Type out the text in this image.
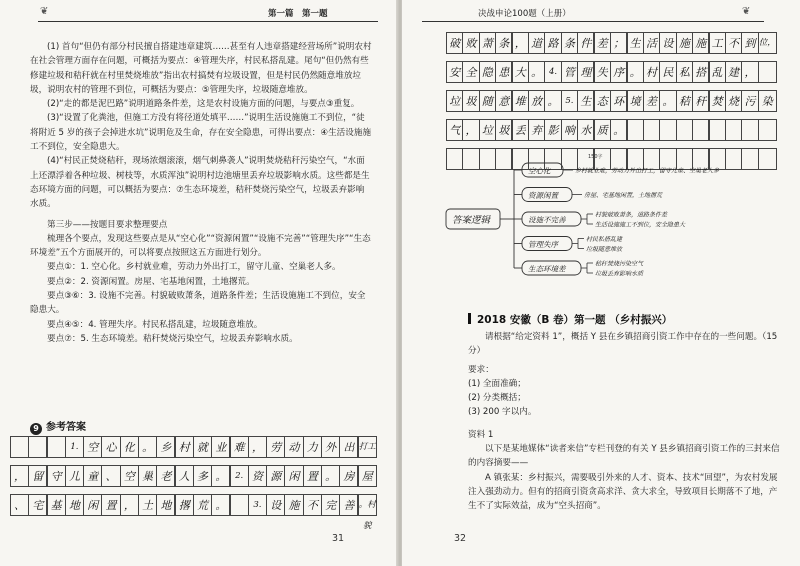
❦	第一篇　第一题

(1) 首句“但仍有部分村民擅自搭建违章建筑……甚至有人违章搭建经营场所”说明农村在社会管理方面存在问题，可概括为要点：④管理失序，村民私搭乱建。尾句“但仍然有些修建垃圾和秸秆就在村里焚烧堆放”指出农村搞焚有垃圾设置，但是村民仍然随意堆放垃圾，说明农村的管理不到位，可概括为要点：⑤管理失序，垃圾随意堆放。

(2)“走的都是泥巴路”说明道路条件差，这是农村设施方面的问题，与要点③重复。

(3)“设置了化粪池，但施工方没有将径道处填平……”说明生活设施施工不到位，“徒将附近 5 岁的孩子会掉进水坑”说明危及生命，存在安全隐患，可得出要点：④生活设施施工不到位，安全隐患大。

(4)“村民正焚烧秸秆，现场浓烟滚滚，烟气刺鼻袭人”说明焚烧秸秆污染空气，“水面上还漂浮着各种垃圾、树枝等，水质浑浊”说明村边池塘里丢弃垃圾影响水质。这些都是生态环境方面的问题，可以概括为要点：⑦生态环境差，秸秆焚烧污染空气，垃圾丢弃影响水质。

第三步——按题目要求整理要点

梳理各个要点，发现这些要点是从“空心化”“资源闲置”“设施不完善”“管理失序”“生态环境差”五个方面展开的，可以将要点按照这五方面进行划分。

要点①：1. 空心化。乡村就业难，劳动力外出打工，留守儿童、空巢老人多。

要点②：2. 资源闲置。房屋、宅基地闲置，土地撂荒。

要点③⑥：3. 设施不完善。村貌破败萧条，道路条件差；生活设施施工不到位，安全隐患大。

要点④⑤：4. 管理失序。村民私搭乱建，垃圾随意堆放。

要点⑦：5. 生态环境差。秸秆焚烧污染空气，垃圾丢弃影响水质。

9 参考答案
1. 空 心 化 。 乡 村 就 业 难 ， 劳 动 力 外 出 打工
， 留 守 儿 童 、 空 巢 老 人 多 。	2. 资 源 闲 置 。 房 屋
、 宅 基 地 闲 置 ， 土 地 撂 荒 。	3. 设 施 不 完 善 。村貌
31
决战申论100题（上册）	❦
破 败 萧 条 ， 道 路 条 件 差 ； 生 活 设 施 施 工 不 到 位，
安 全 隐 患 大 。 4. 管 理 失 序 。 村 民 私 搭 乱 建 ，
垃 圾 随 意 堆 放 。 5. 生 态 环 境 差 。 秸 秆 焚 烧 污 染
气 ， 垃 圾 丢 弃 影 响 水 质 。
150字
答案逻辑
空心化	乡村就业难，劳动力外出打工，留守儿童、空巢老人多
资源闲置	房屋、宅基地闲置，土地撂荒
设施不完善
村貌破败萧条，道路条件差
生活设施施工不到位，安全隐患大
管理失序
村民私搭乱建
垃圾随意堆放
生态环境差
秸秆焚烧污染空气
垃圾丢弃影响水质
2018 安徽（B 卷）第一题 （乡村振兴）

请根据“给定资料 1”，概括 Y 县在乡镇招商引资工作中存在的一些问题。（15 分）

要求：

(1) 全面准确；

(2) 分类概括；

(3) 200 字以内。

资料 1

以下是某地媒体“读者来信”专栏刊登的有关 Y 县乡镇招商引资工作的三封来信的内容摘要——

A 镇张某：乡村振兴，需要吸引外来的人才、资本、技术“回望”，为农村发展注入强劲动力。但有的招商引资贪高求洋、贪大求全，导致项目长期落不了地，产生不了实际效益，成为“空头招商”。

32
